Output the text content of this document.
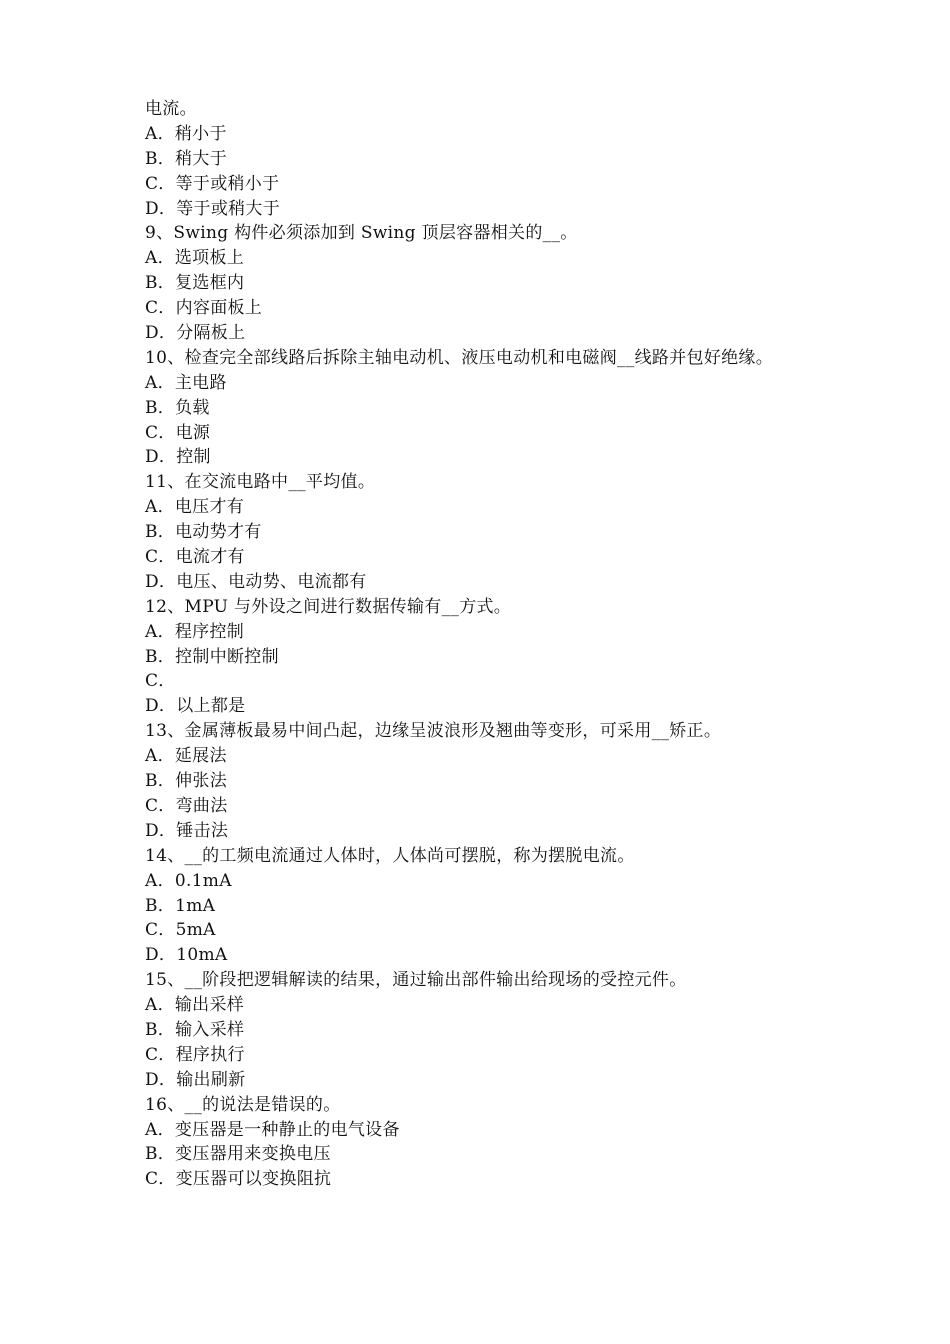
电流。
A．稍小于
B．稍大于
C．等于或稍小于
D．等于或稍大于
9、Swing 构件必须添加到 Swing 顶层容器相关的__。
A．选项板上
B．复选框内
C．内容面板上
D．分隔板上
10、检查完全部线路后拆除主轴电动机、液压电动机和电磁阀__线路并包好绝缘。
A．主电路
B．负载
C．电源
D．控制
11、在交流电路中__平均值。
A．电压才有
B．电动势才有
C．电流才有
D．电压、电动势、电流都有
12、MPU 与外设之间进行数据传输有__方式。
A．程序控制
B．控制中断控制
C．
D．以上都是
13、金属薄板最易中间凸起，边缘呈波浪形及翘曲等变形，可采用__矫正。
A．延展法
B．伸张法
C．弯曲法
D．锤击法
14、__的工频电流通过人体时，人体尚可摆脱，称为摆脱电流。
A．0.1mA
B．1mA
C．5mA
D．10mA
15、__阶段把逻辑解读的结果，通过输出部件输出给现场的受控元件。
A．输出采样
B．输入采样
C．程序执行
D．输出刷新
16、__的说法是错误的。
A．变压器是一种静止的电气设备
B．变压器用来变换电压
C．变压器可以变换阻抗
